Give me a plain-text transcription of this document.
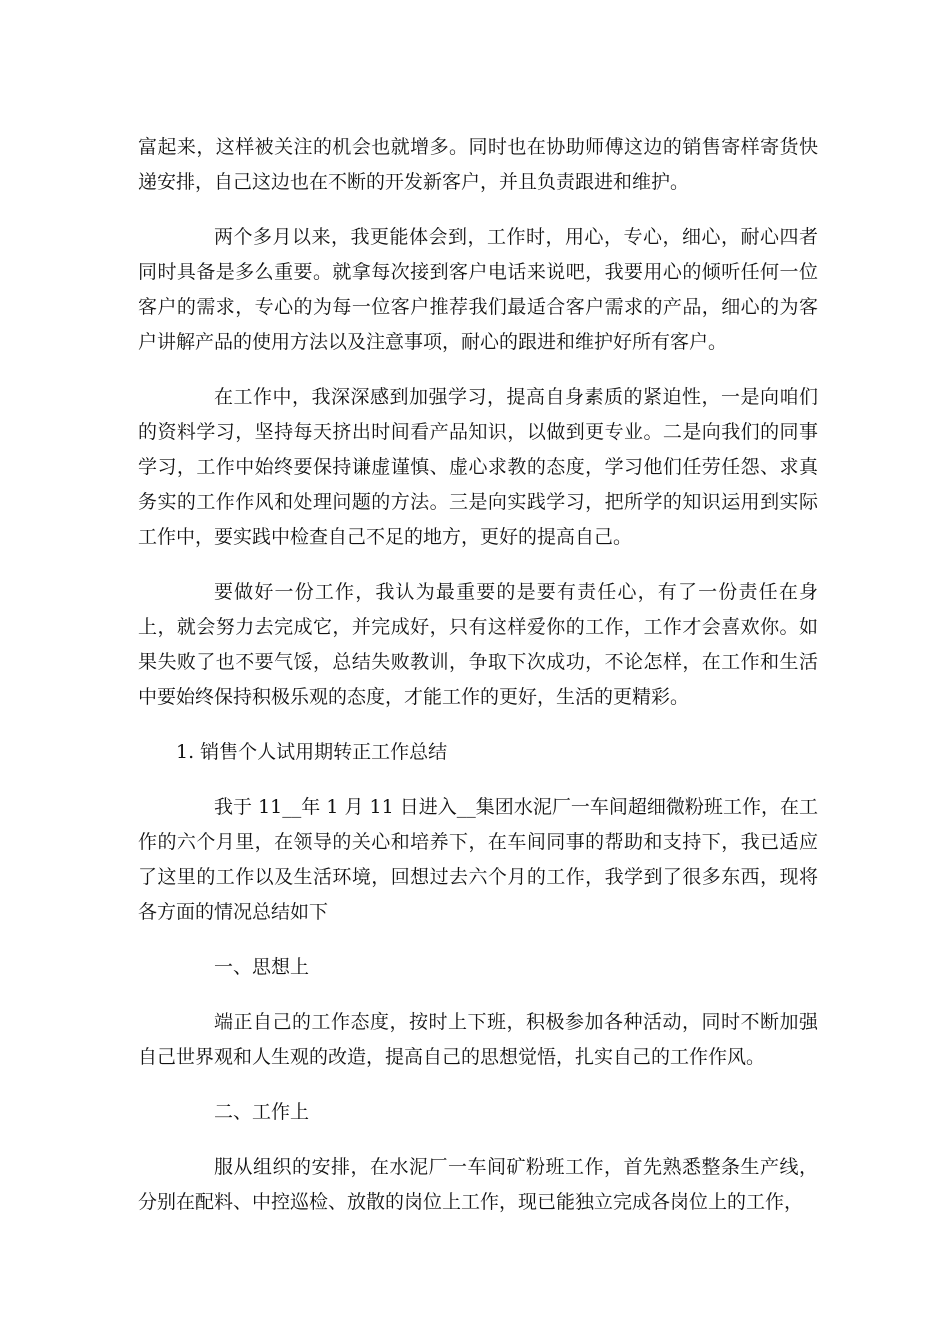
富起来，这样被关注的机会也就增多。同时也在协助师傅这边的销售寄样寄货快递安排，自己这边也在不断的开发新客户，并且负责跟进和维护。

两个多月以来，我更能体会到，工作时，用心，专心，细心，耐心四者同时具备是多么重要。就拿每次接到客户电话来说吧，我要用心的倾听任何一位客户的需求，专心的为每一位客户推荐我们最适合客户需求的产品，细心的为客户讲解产品的使用方法以及注意事项，耐心的跟进和维护好所有客户。

在工作中，我深深感到加强学习，提高自身素质的紧迫性，一是向咱们的资料学习，坚持每天挤出时间看产品知识，以做到更专业。二是向我们的同事学习，工作中始终要保持谦虚谨慎、虚心求教的态度，学习他们任劳任怨、求真务实的工作作风和处理问题的方法。三是向实践学习，把所学的知识运用到实际工作中，要实践中检查自己不足的地方，更好的提高自己。

要做好一份工作，我认为最重要的是要有责任心，有了一份责任在身上，就会努力去完成它，并完成好，只有这样爱你的工作，工作才会喜欢你。如果失败了也不要气馁，总结失败教训，争取下次成功，不论怎样，在工作和生活中要始终保持积极乐观的态度，才能工作的更好，生活的更精彩。

1. 销售个人试用期转正工作总结

我于 11__年 1 月 11 日进入__集团水泥厂一车间超细微粉班工作，在工作的六个月里，在领导的关心和培养下，在车间同事的帮助和支持下，我已适应了这里的工作以及生活环境，回想过去六个月的工作，我学到了很多东西，现将各方面的情况总结如下

一、思想上

端正自己的工作态度，按时上下班，积极参加各种活动，同时不断加强自己世界观和人生观的改造，提高自己的思想觉悟，扎实自己的工作作风。

二、工作上

服从组织的安排，在水泥厂一车间矿粉班工作，首先熟悉整条生产线，分别在配料、中控巡检、放散的岗位上工作，现已能独立完成各岗位上的工作，
